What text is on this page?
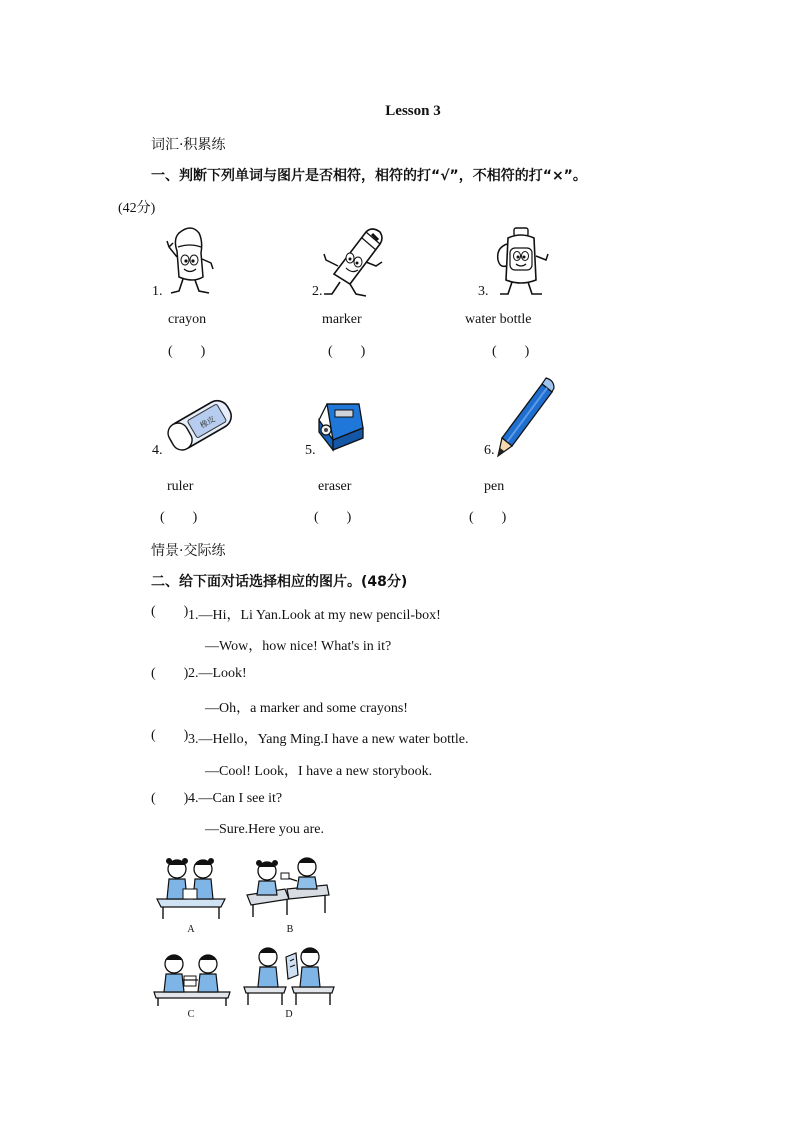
Lesson 3
词汇·积累练
一、判断下列单词与图片是否相符，相符的打“√”，不相符的打“×”。
(42分)
1.
crayon
(  )
2.
marker
(  )
3.
water bottle
(  )
4.
橡皮
ruler
(  )
5.
eraser
(  )
6.
pen
(  )
情景·交际练
二、给下面对话选择相应的图片。(48分)
(  ) 1.—Hi，Li Yan.Look at my new pencil-box!
—Wow，how nice! What's in it?
(  ) 2.—Look!
—Oh，a marker and some crayons!
(  ) 3.—Hello，Yang Ming.I have a new water bottle.
—Cool! Look，I have a new storybook.
(  ) 4.—Can I see it?
—Sure.Here you are.
A	B
C	D
